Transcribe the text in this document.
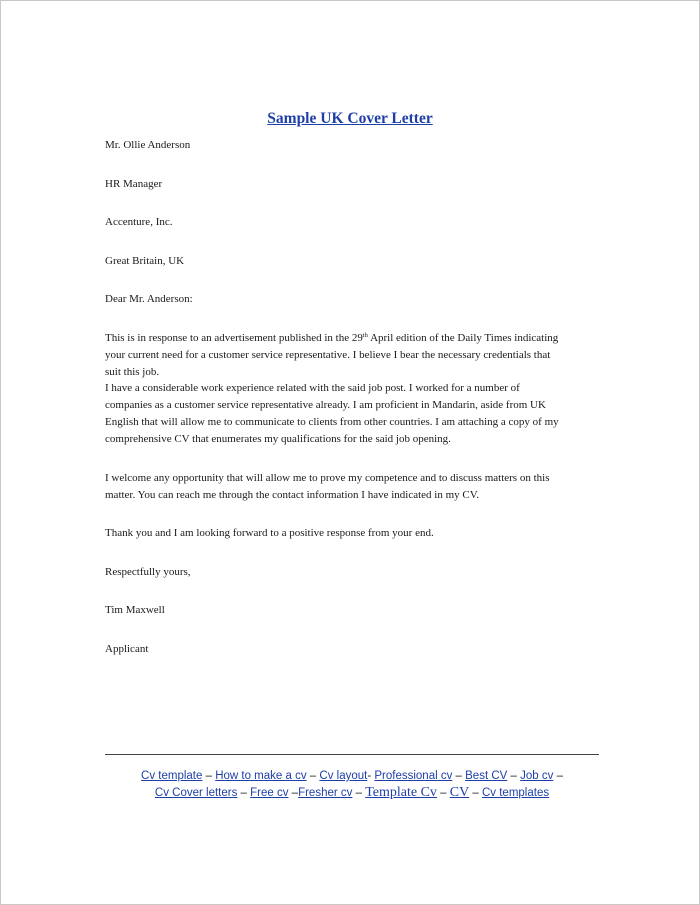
Sample UK Cover Letter
Mr. Ollie Anderson
HR Manager
Accenture, Inc.
Great Britain, UK
Dear Mr. Anderson:
This is in response to an advertisement published in the 29th April edition of the Daily Times indicating
your current need for a customer service representative. I believe I bear the necessary credentials that
suit this job.
I have a considerable work experience related with the said job post. I worked for a number of
companies as a customer service representative already. I am proficient in Mandarin, aside from UK
English that will allow me to communicate to clients from other countries. I am attaching a copy of my
comprehensive CV that enumerates my qualifications for the said job opening.
I welcome any opportunity that will allow me to prove my competence and to discuss matters on this
matter. You can reach me through the contact information I have indicated in my CV.
Thank you and I am looking forward to a positive response from your end.
Respectfully yours,
Tim Maxwell
Applicant
Cv template – How to make a cv – Cv layout- Professional cv – Best CV – Job cv –
Cv Cover letters – Free cv –Fresher cv – Template Cv – CV – Cv templates
